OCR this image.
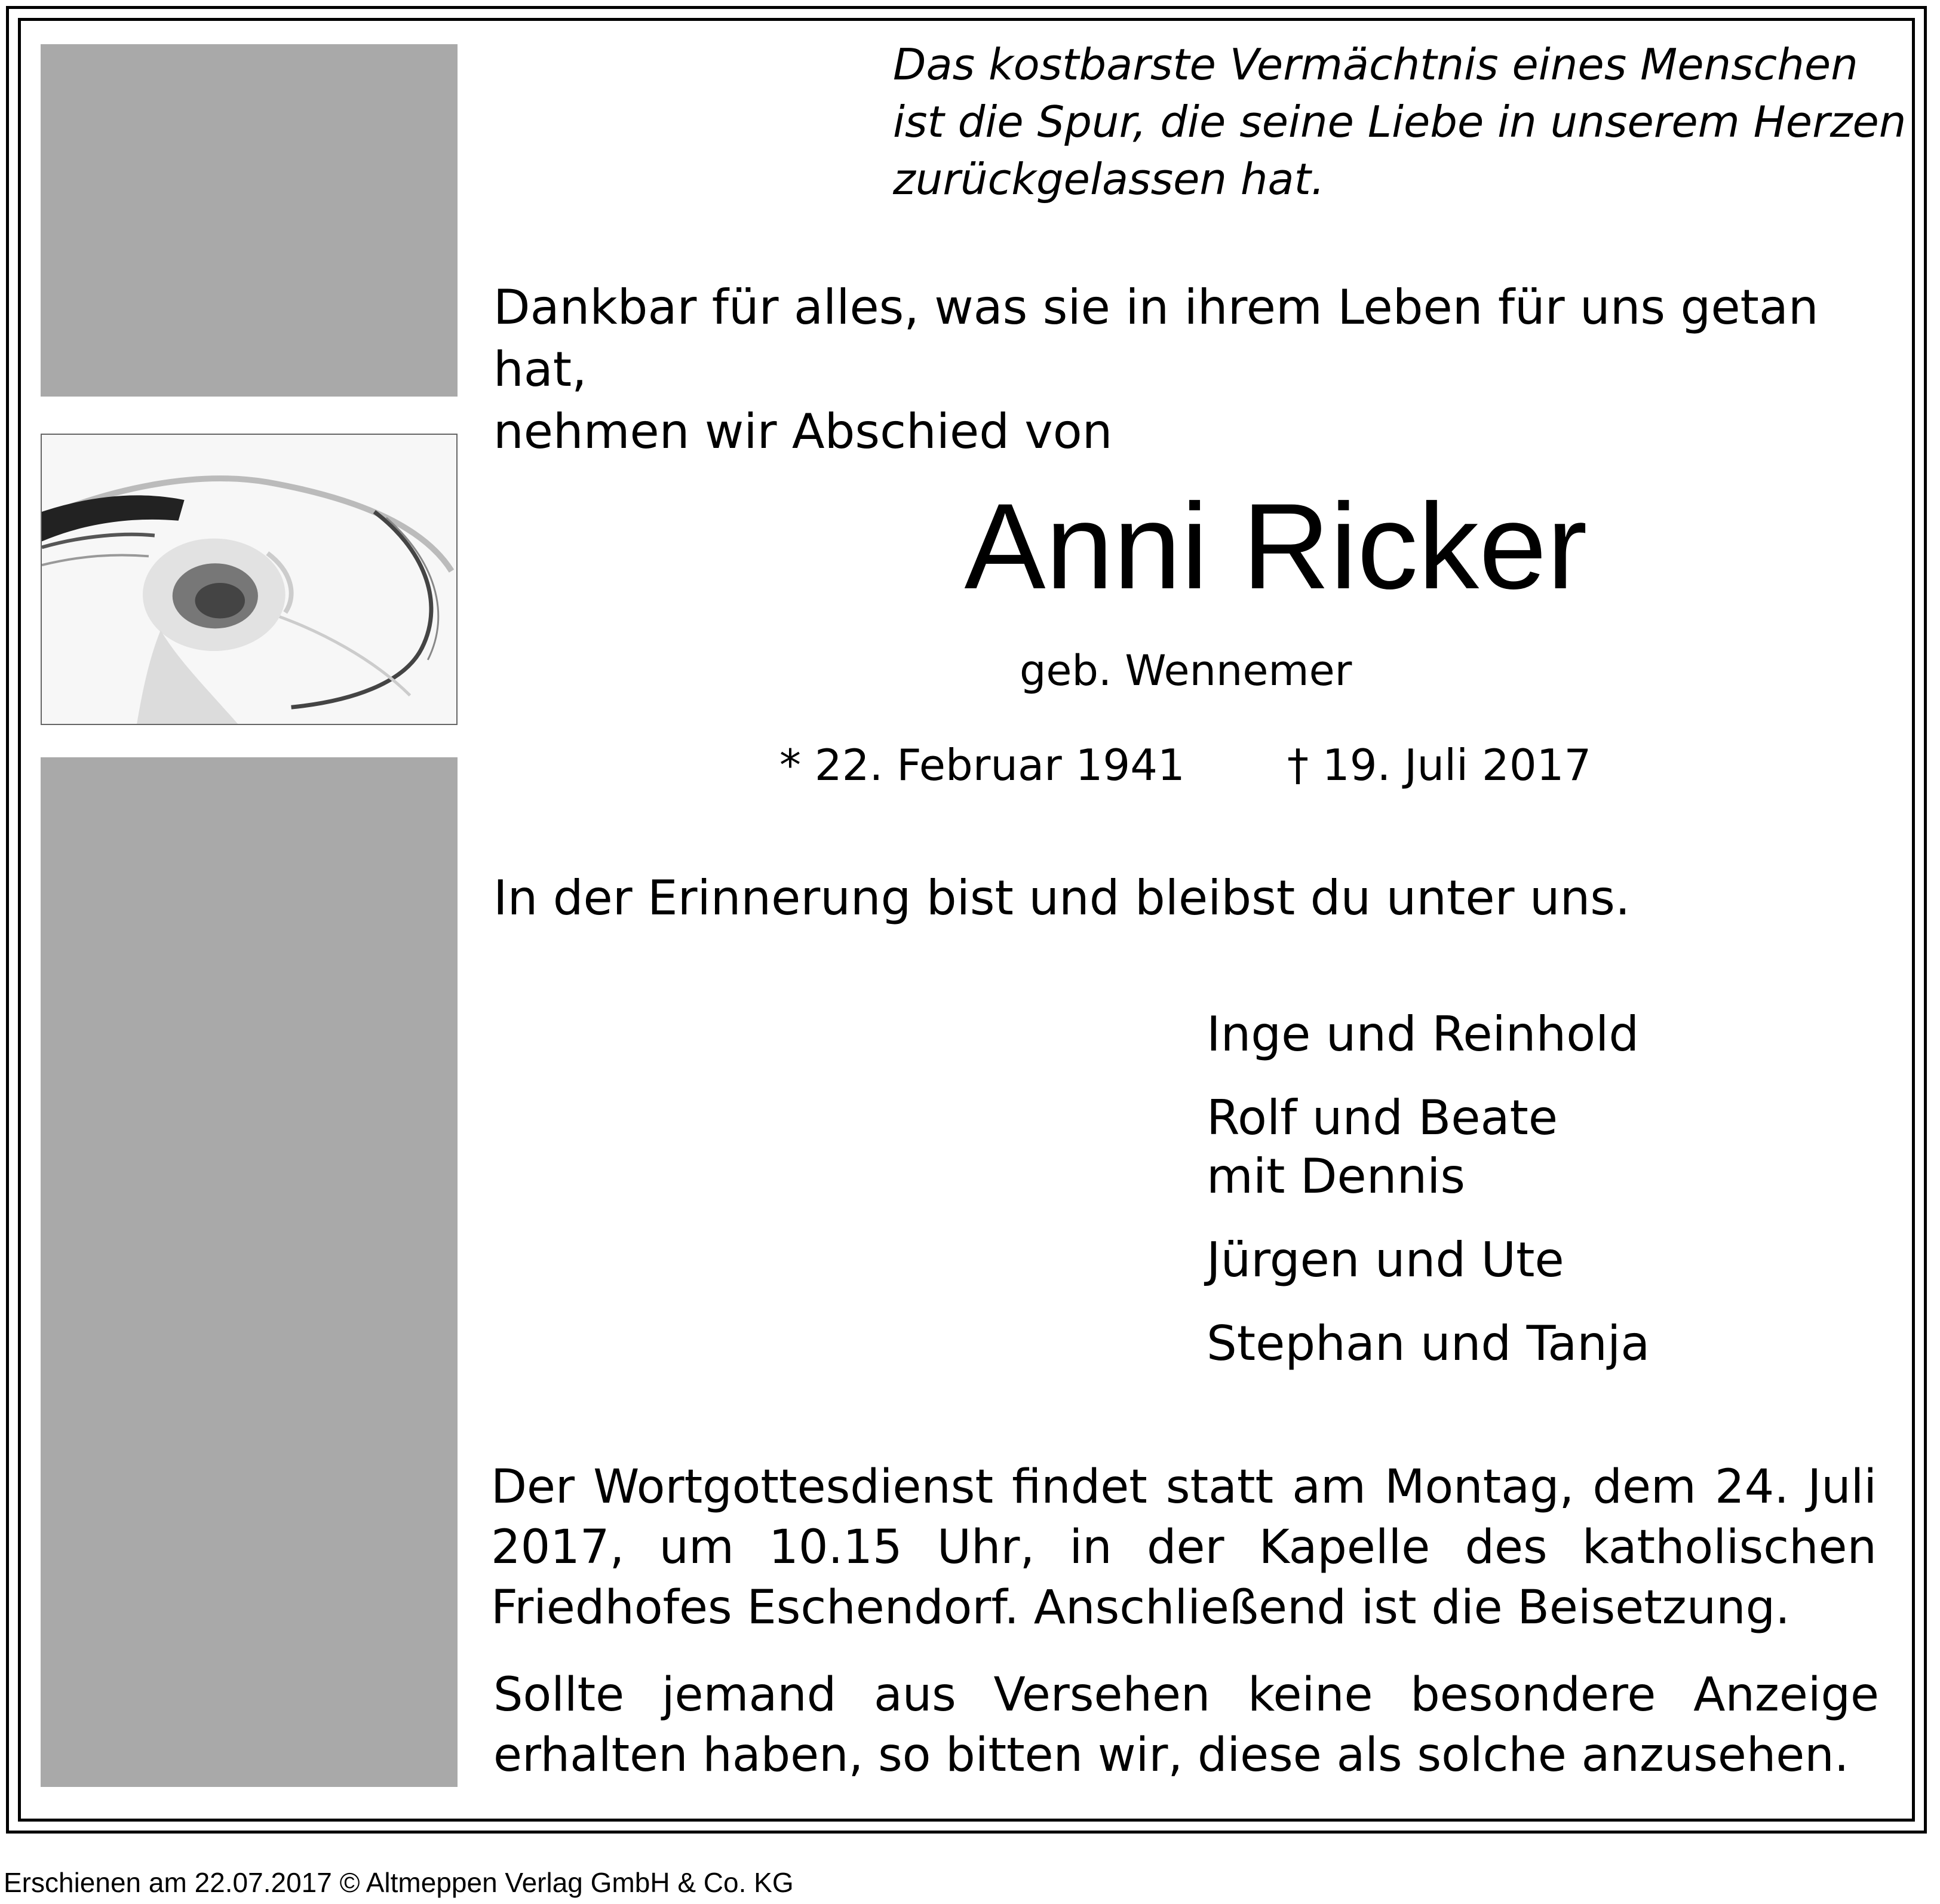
Das kostbarste Vermächtnis eines Menschen
ist die Spur, die seine Liebe in unserem Herzen
zurückgelassen hat.
Dankbar für alles, was sie in ihrem Leben für uns getan hat,
nehmen wir Abschied von
Anni Ricker
geb. Wennemer
* 22. Februar 1941 † 19. Juli 2017
In der Erinnerung bist und bleibst du unter uns.
Inge und Reinhold
Rolf und Beate
mit Dennis
Jürgen und Ute
Stephan und Tanja
Der Wortgottesdienst findet statt am Montag, dem 24. Juli 2017, um 10.15 Uhr, in der Kapelle des katholischen Friedhofes Eschendorf. Anschließend ist die Beisetzung.
Sollte jemand aus Versehen keine besondere Anzeige erhalten haben, so bitten wir, diese als solche anzusehen.
Erschienen am 22.07.2017 © Altmeppen Verlag GmbH & Co. KG
